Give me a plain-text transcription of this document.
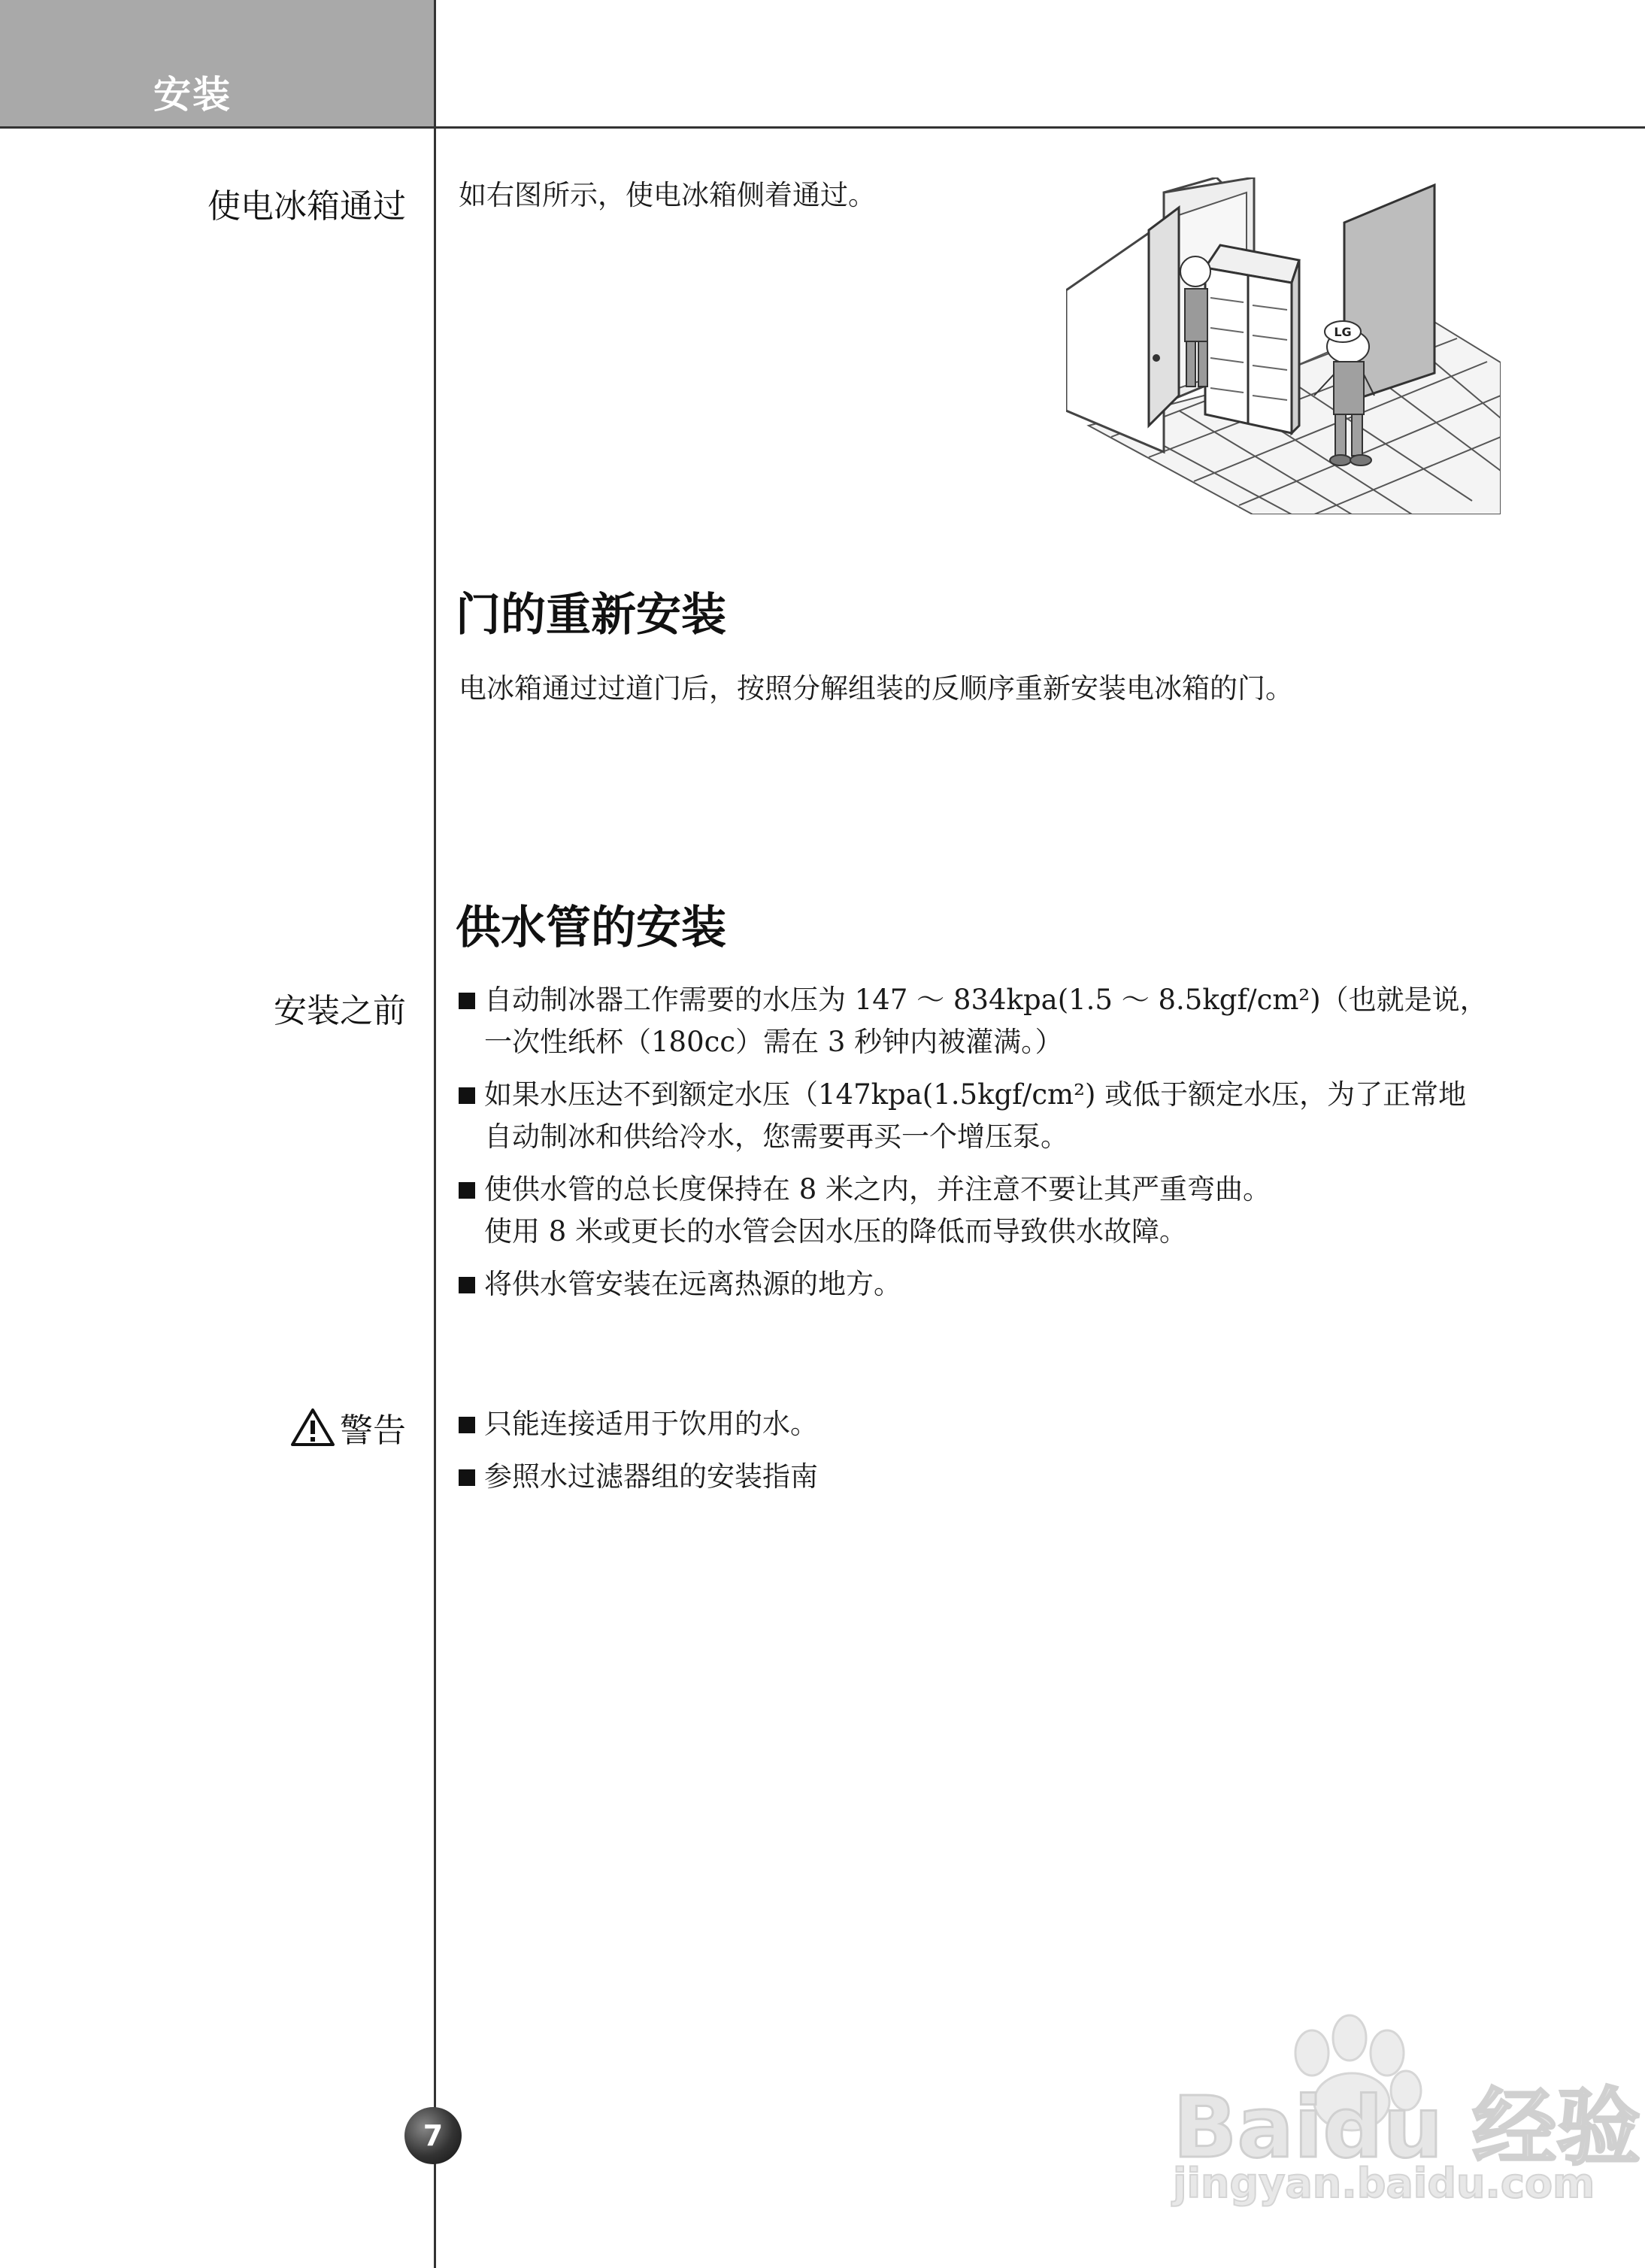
安装
使电冰箱通过 如右图所示，使电冰箱侧着通过。
LG
门的重新安装
电冰箱通过过道门后，按照分解组装的反顺序重新安装电冰箱的门。
供水管的安装
安装之前	自动制冰器工作需要的水压为 147 ～ 834kpa(1.5 ～ 8.5kgf/cm²)（也就是说，
一次性纸杯（180cc）需在 3 秒钟内被灌满。）
如果水压达不到额定水压（147kpa(1.5kgf/cm²) 或低于额定水压，为了正常地
自动制冰和供给冷水，您需要再买一个增压泵。
使供水管的总长度保持在 8 米之内，并注意不要让其严重弯曲。
使用 8 米或更长的水管会因水压的降低而导致供水故障。
将供水管安装在远离热源的地方。
警告	只能连接适用于饮用的水。
参照水过滤器组的安装指南
7	Baidu 经验
jingyan.baidu.com
